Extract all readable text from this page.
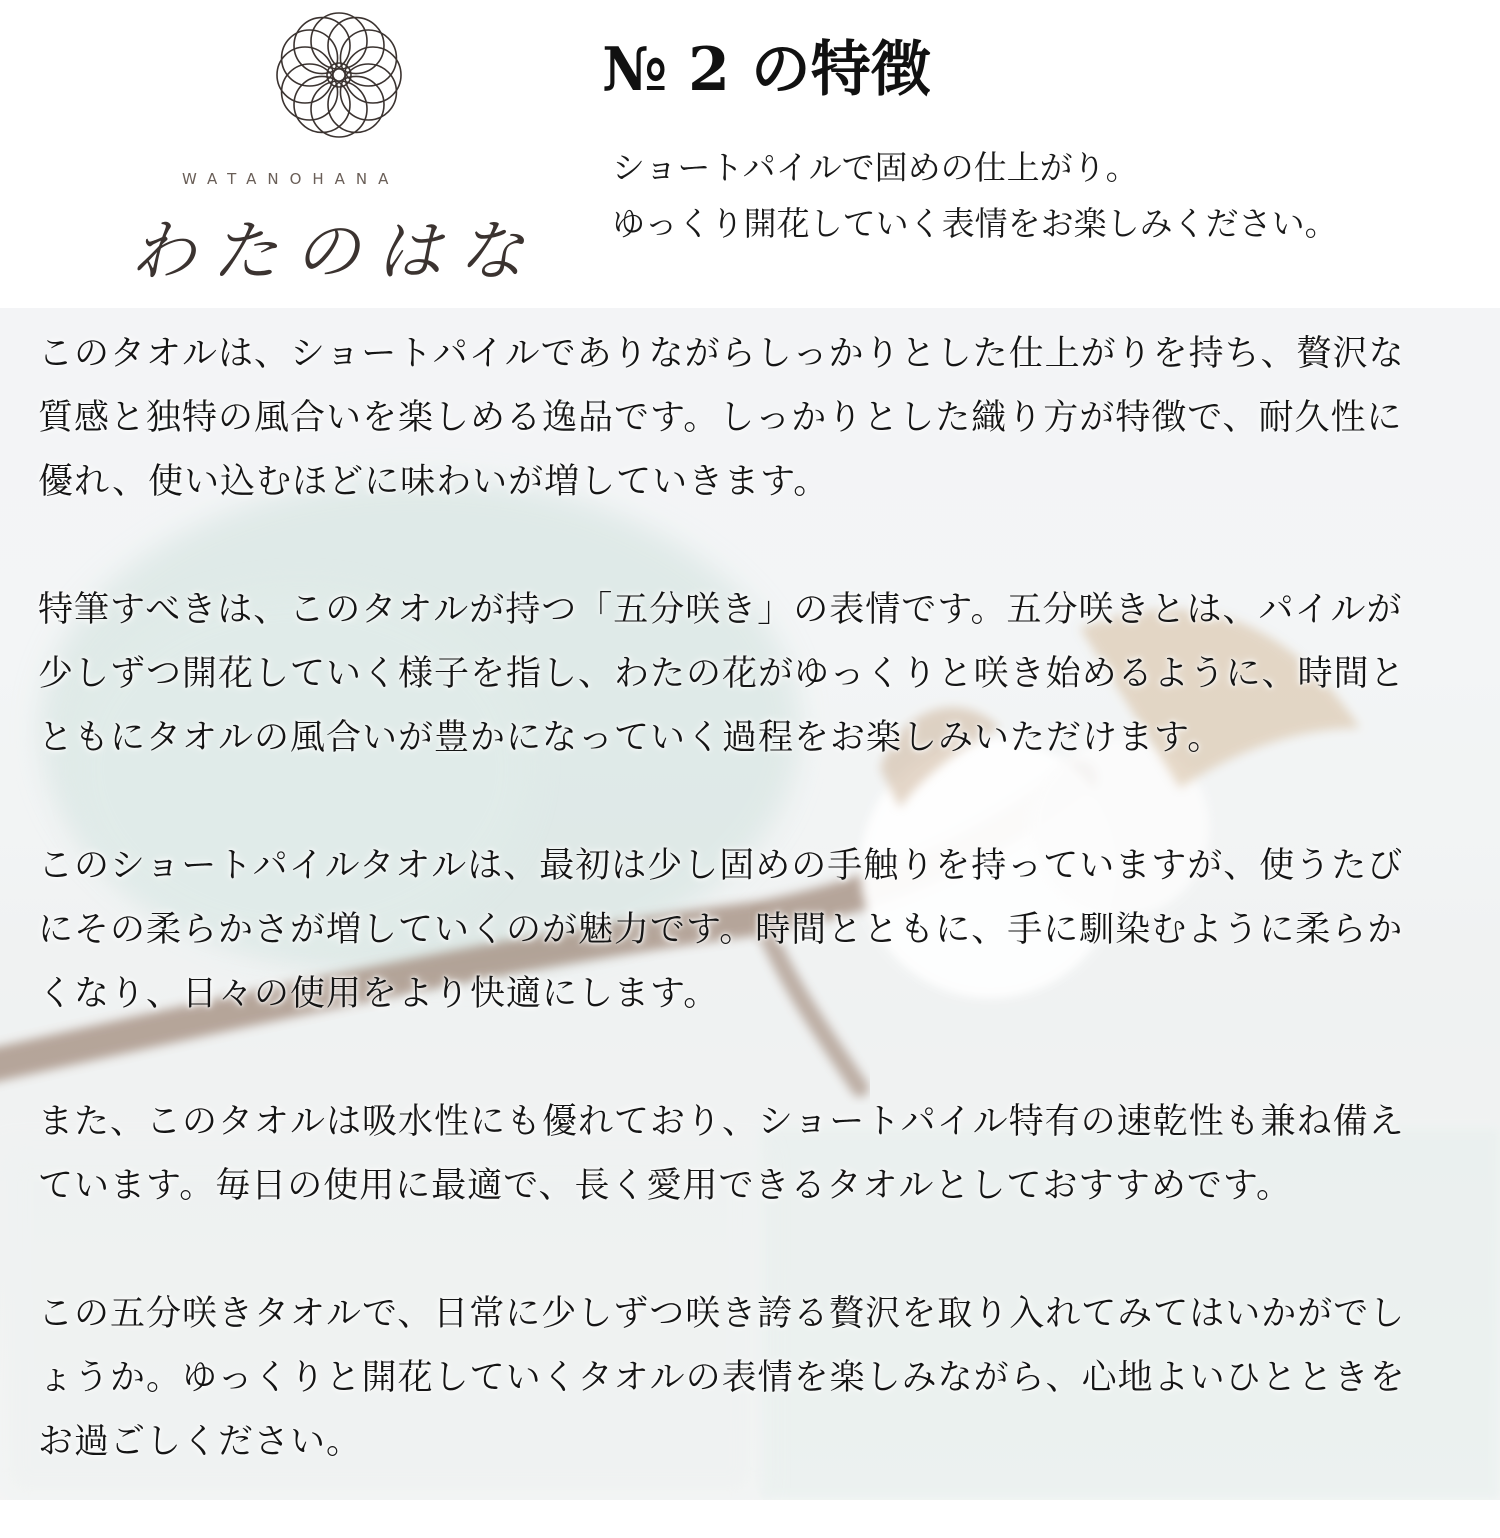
WATANOHANA
わたのはな
№ 2 の特徴
ショートパイルで固めの仕上がり。
ゆっくり開花していく表情をお楽しみください。
このタオルは、ショートパイルでありながらしっかりとした仕上がりを持ち、贅沢な
質感と独特の風合いを楽しめる逸品です。しっかりとした織り方が特徴で、耐久性に
優れ、使い込むほどに味わいが増していきます。
特筆すべきは、このタオルが持つ「五分咲き」の表情です。五分咲きとは、パイルが
少しずつ開花していく様子を指し、わたの花がゆっくりと咲き始めるように、時間と
ともにタオルの風合いが豊かになっていく過程をお楽しみいただけます。
このショートパイルタオルは、最初は少し固めの手触りを持っていますが、使うたび
にその柔らかさが増していくのが魅力です。時間とともに、手に馴染むように柔らか
くなり、日々の使用をより快適にします。
また、このタオルは吸水性にも優れており、ショートパイル特有の速乾性も兼ね備え
ています。毎日の使用に最適で、長く愛用できるタオルとしておすすめです。
この五分咲きタオルで、日常に少しずつ咲き誇る贅沢を取り入れてみてはいかがでし
ょうか。ゆっくりと開花していくタオルの表情を楽しみながら、心地よいひとときを
お過ごしください。
